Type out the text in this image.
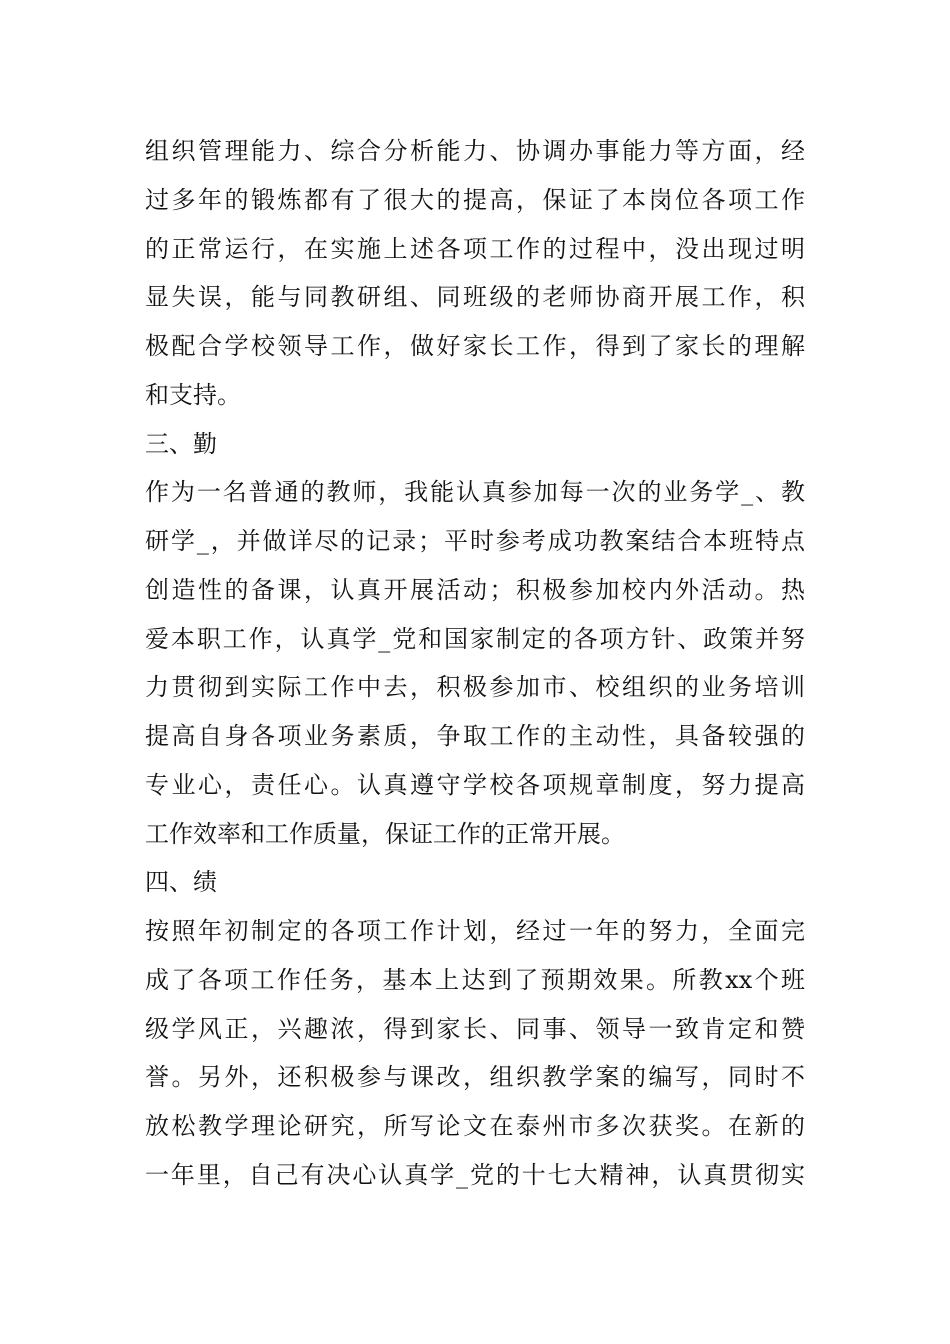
组织管理能力、综合分析能力、协调办事能力等方面，经
过多年的锻炼都有了很大的提高，保证了本岗位各项工作
的正常运行，在实施上述各项工作的过程中，没出现过明
显失误，能与同教研组、同班级的老师协商开展工作，积
极配合学校领导工作，做好家长工作，得到了家长的理解
和支持。
三、勤
作为一名普通的教师，我能认真参加每一次的业务学_、教
研学_，并做详尽的记录；平时参考成功教案结合本班特点
创造性的备课，认真开展活动；积极参加校内外活动。热
爱本职工作，认真学_党和国家制定的各项方针、政策并努
力贯彻到实际工作中去，积极参加市、校组织的业务培训
提高自身各项业务素质，争取工作的主动性，具备较强的
专业心，责任心。认真遵守学校各项规章制度，努力提高
工作效率和工作质量，保证工作的正常开展。
四、绩
按照年初制定的各项工作计划，经过一年的努力，全面完
成了各项工作任务，基本上达到了预期效果。所教xx个班
级学风正，兴趣浓，得到家长、同事、领导一致肯定和赞
誉。另外，还积极参与课改，组织教学案的编写，同时不
放松教学理论研究，所写论文在泰州市多次获奖。在新的
一年里，自己有决心认真学_党的十七大精神，认真贯彻实
